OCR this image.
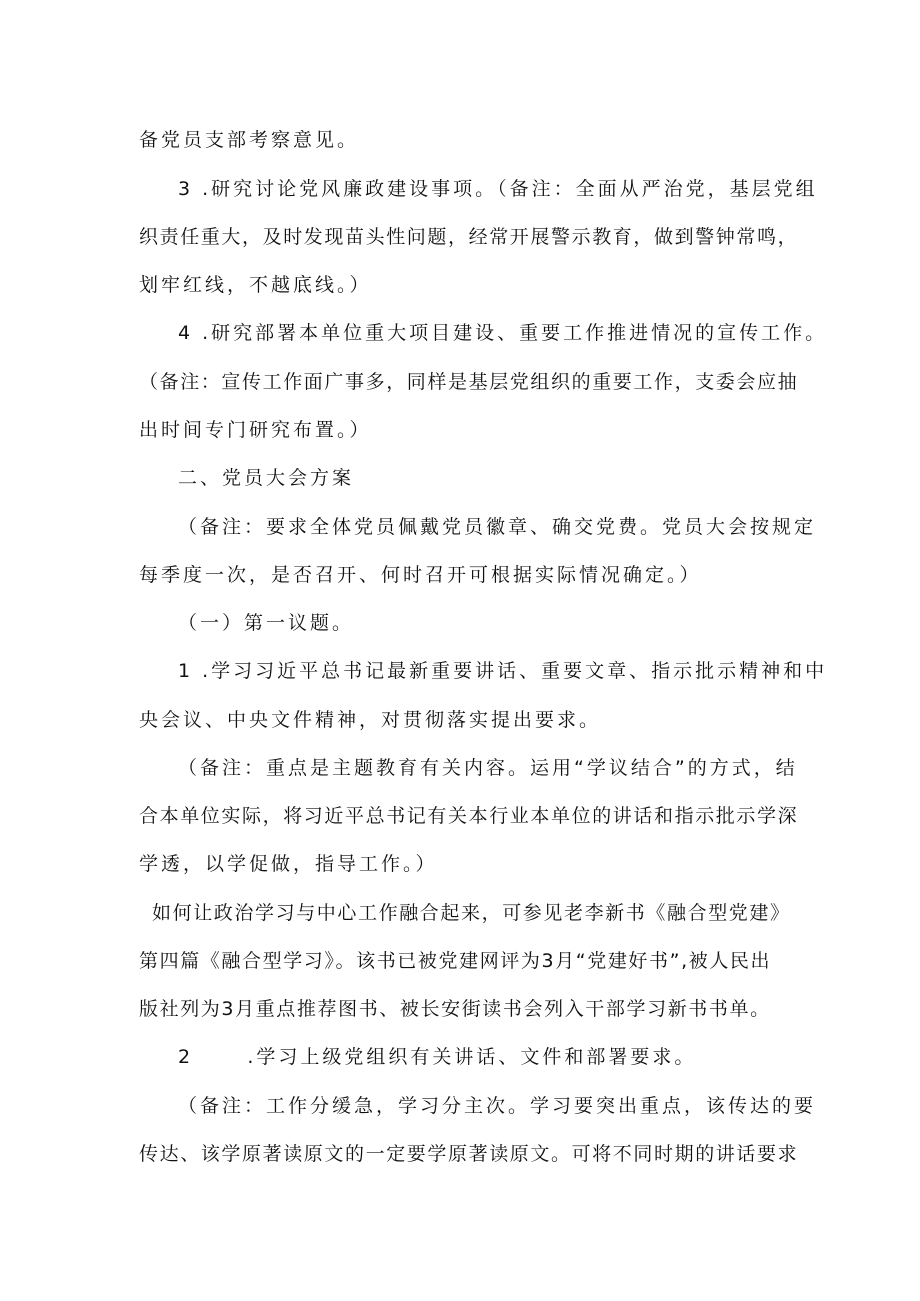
备党员支部考察意见。
3 .研究讨论党风廉政建设事项。（备注：全面从严治党，基层党组
织责任重大，及时发现苗头性问题，经常开展警示教育，做到警钟常鸣，
划牢红线，不越底线。）
4 .研究部署本单位重大项目建设、重要工作推进情况的宣传工作。
（备注：宣传工作面广事多，同样是基层党组织的重要工作，支委会应抽
出时间专门研究布置。）
二、党员大会方案
（备注：要求全体党员佩戴党员徽章、确交党费。党员大会按规定
每季度一次，是否召开、何时召开可根据实际情况确定。）
（一）第一议题。
1 .学习习近平总书记最新重要讲话、重要文章、指示批示精神和中
央会议、中央文件精神，对贯彻落实提出要求。
（备注：重点是主题教育有关内容。运用“学议结合”的方式，结
合本单位实际，将习近平总书记有关本行业本单位的讲话和指示批示学深
学透，以学促做，指导工作。）
如何让政治学习与中心工作融合起来，可参见老李新书《融合型党建》
第四篇《融合型学习》。该书已被党建网评为3月“党建好书”,被人民出
版社列为3月重点推荐图书、被长安街读书会列入干部学习新书书单。
2      .学习上级党组织有关讲话、文件和部署要求。
（备注：工作分缓急，学习分主次。学习要突出重点，该传达的要
传达、该学原著读原文的一定要学原著读原文。可将不同时期的讲话要求
